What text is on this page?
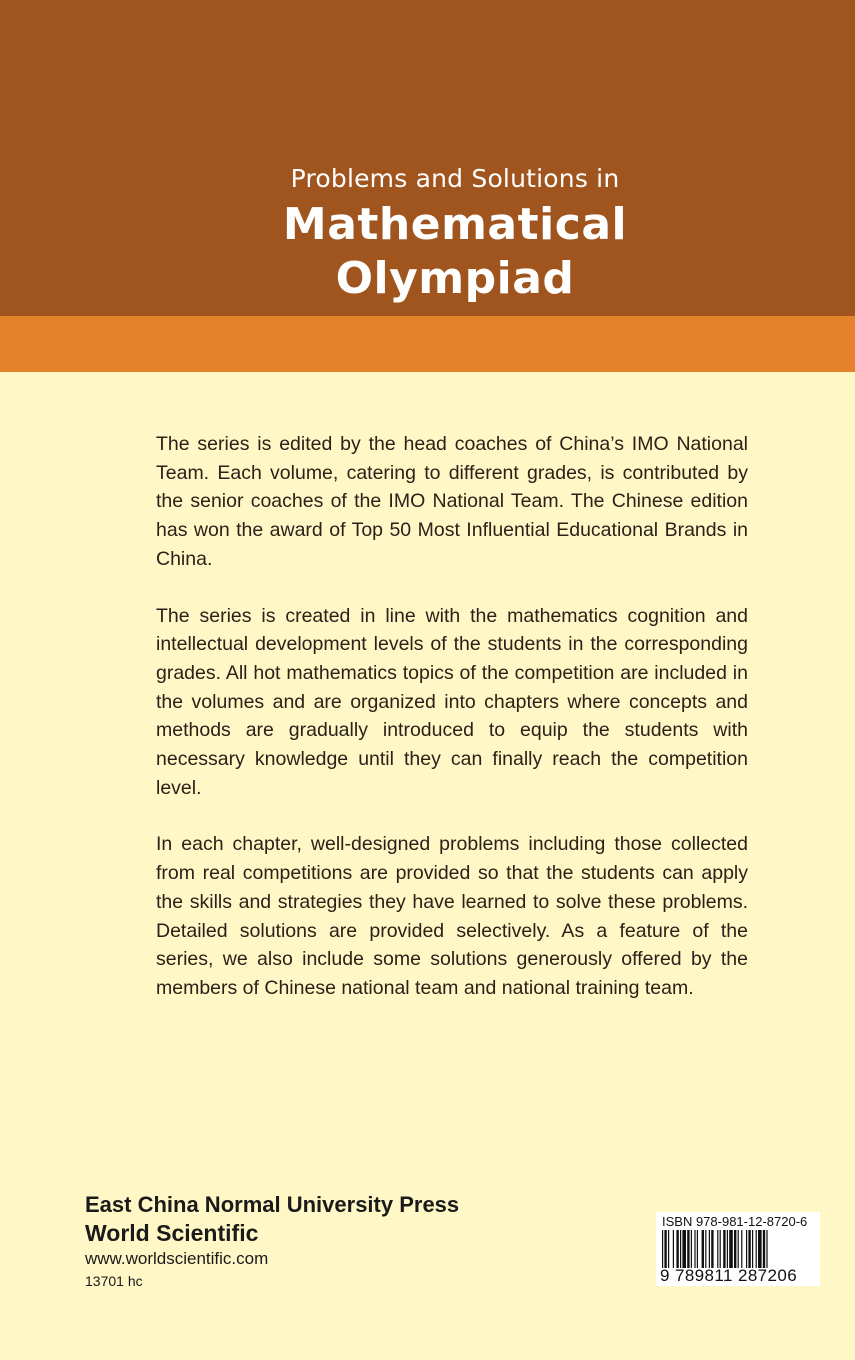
Problems and Solutions in
Mathematical
Olympiad

The series is edited by the head coaches of China’s IMO National Team. Each volume, catering to different grades, is contributed by the senior coaches of the IMO National Team. The Chinese edition has won the award of Top 50 Most Influential Educational Brands in China.

The series is created in line with the mathematics cognition and intellectual development levels of the students in the corresponding grades. All hot mathematics topics of the competition are included in the volumes and are organized into chapters where concepts and methods are gradually introduced to equip the students with necessary knowledge until they can finally reach the competition level.

In each chapter, well-designed problems including those collected from real competitions are provided so that the students can apply the skills and strategies they have learned to solve these problems. Detailed solutions are provided selectively. As a feature of the series, we also include some solutions generously offered by the members of Chinese national team and national training team.

East China Normal University Press
World Scientific
www.worldscientific.com
13701 hc
ISBN 978-981-12-8720-6
9 789811 287206
